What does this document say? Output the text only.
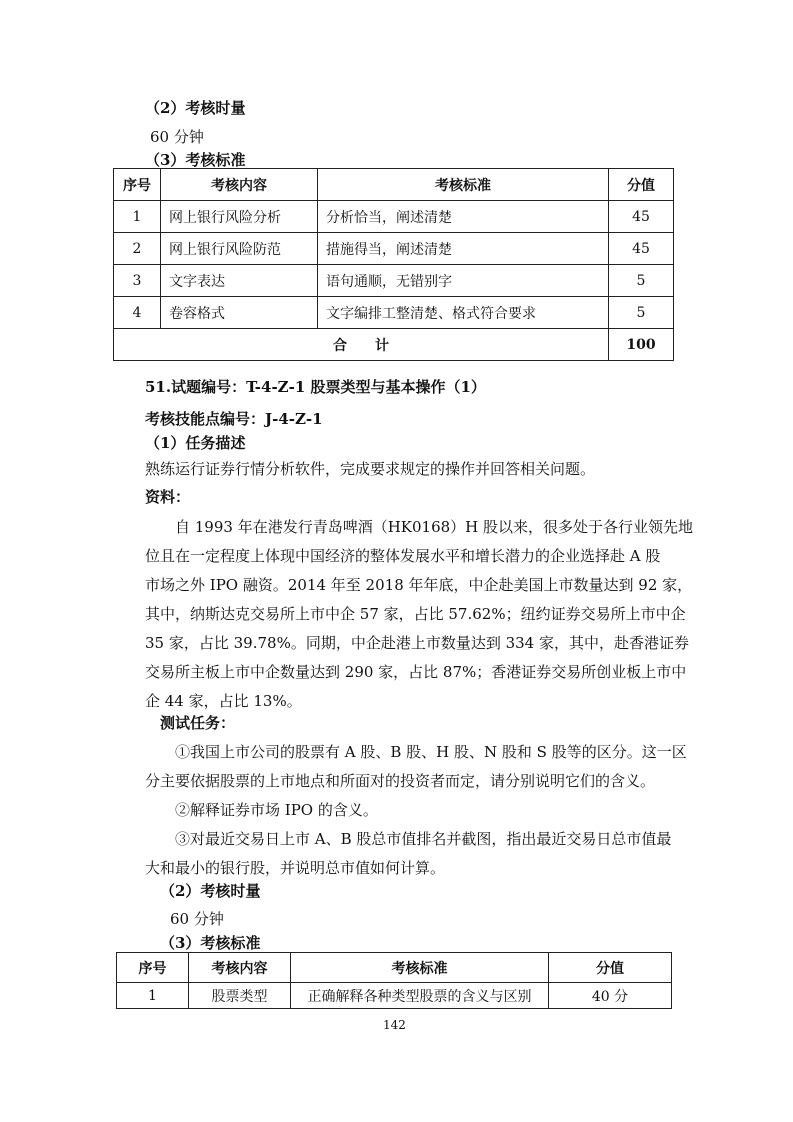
（2）考核时量
60 分钟
（3）考核标准
序号	考核内容	考核标准	分值
1	网上银行风险分析	分析恰当，阐述清楚	45
2	网上银行风险防范	措施得当，阐述清楚	45
3	文字表达	语句通顺，无错别字	5
4	卷容格式	文字编排工整清楚、格式符合要求	5
合　　计			100
51.试题编号：T-4-Z-1 股票类型与基本操作（1）
考核技能点编号：J-4-Z-1
（1）任务描述
熟练运行证券行情分析软件，完成要求规定的操作并回答相关问题。
资料：
自 1993 年在港发行青岛啤酒（HK0168）H 股以来，很多处于各行业领先地
位且在一定程度上体现中国经济的整体发展水平和增长潜力的企业选择赴 A 股
市场之外 IPO 融资。2014 年至 2018 年年底，中企赴美国上市数量达到 92 家，
其中，纳斯达克交易所上市中企 57 家，占比 57.62%；纽约证券交易所上市中企
35 家，占比 39.78%。同期，中企赴港上市数量达到 334 家，其中，赴香港证券
交易所主板上市中企数量达到 290 家，占比 87%；香港证券交易所创业板上市中
企 44 家，占比 13%。
测试任务：
①我国上市公司的股票有 A 股、B 股、H 股、N 股和 S 股等的区分。这一区
分主要依据股票的上市地点和所面对的投资者而定，请分别说明它们的含义。
②解释证券市场 IPO 的含义。
③对最近交易日上市 A、B 股总市值排名并截图，指出最近交易日总市值最
大和最小的银行股，并说明总市值如何计算。
（2）考核时量
60 分钟
（3）考核标准
序号	考核内容	考核标准	分值
1	股票类型	正确解释各种类型股票的含义与区别	40 分
142
